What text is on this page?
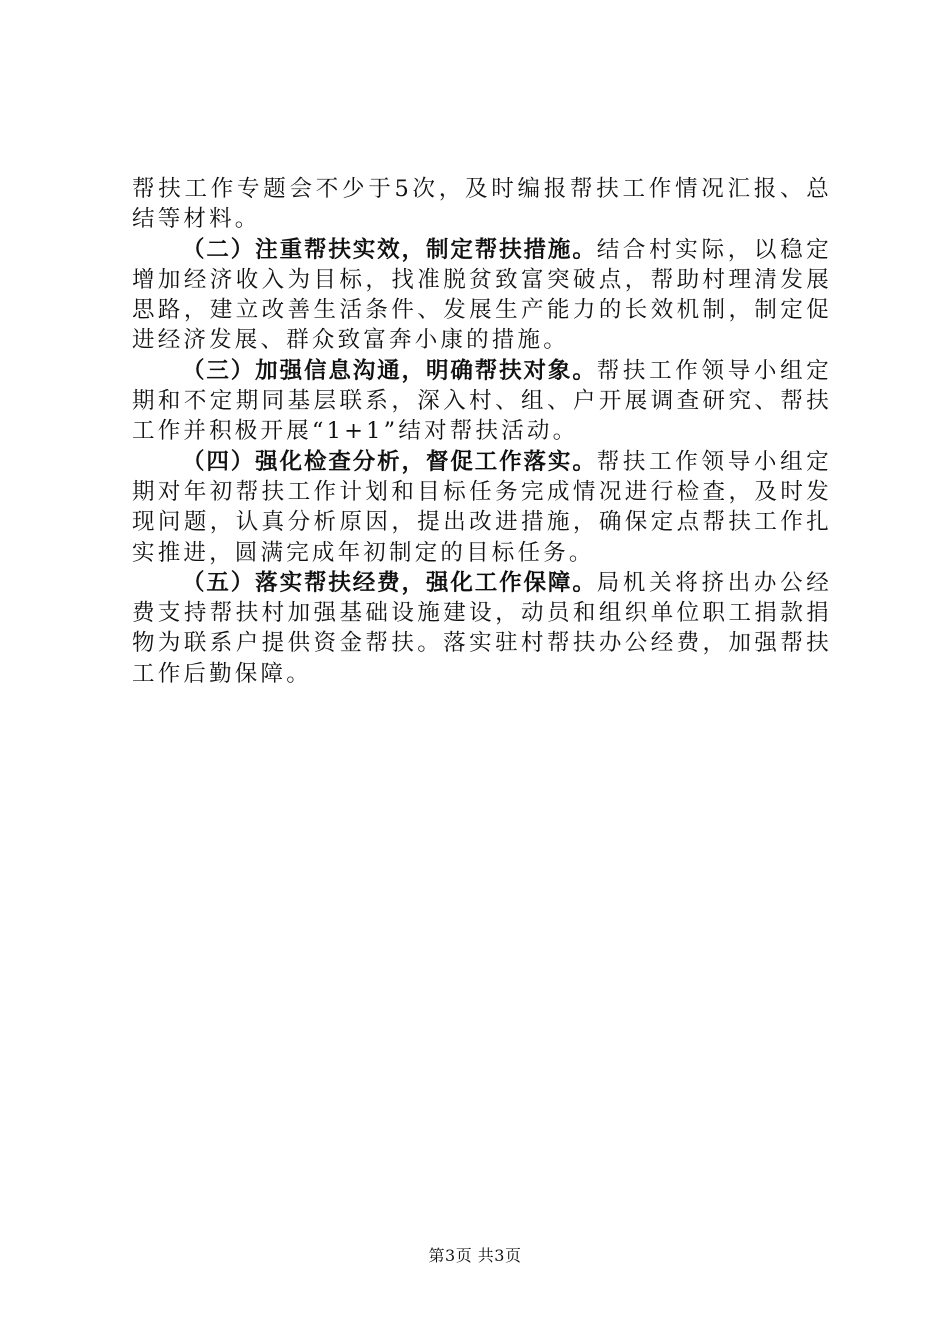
帮扶工作专题会不少于5次，及时编报帮扶工作情况汇报、总结等材料。

（二）注重帮扶实效，制定帮扶措施。结合村实际，以稳定增加经济收入为目标，找准脱贫致富突破点，帮助村理清发展思路，建立改善生活条件、发展生产能力的长效机制，制定促进经济发展、群众致富奔小康的措施。

（三）加强信息沟通，明确帮扶对象。帮扶工作领导小组定期和不定期同基层联系，深入村、组、户开展调查研究、帮扶工作并积极开展“1+1”结对帮扶活动。

（四）强化检查分析，督促工作落实。帮扶工作领导小组定期对年初帮扶工作计划和目标任务完成情况进行检查，及时发现问题，认真分析原因，提出改进措施，确保定点帮扶工作扎实推进，圆满完成年初制定的目标任务。

（五）落实帮扶经费，强化工作保障。局机关将挤出办公经费支持帮扶村加强基础设施建设，动员和组织单位职工捐款捐物为联系户提供资金帮扶。落实驻村帮扶办公经费，加强帮扶工作后勤保障。

第3页 共3页
